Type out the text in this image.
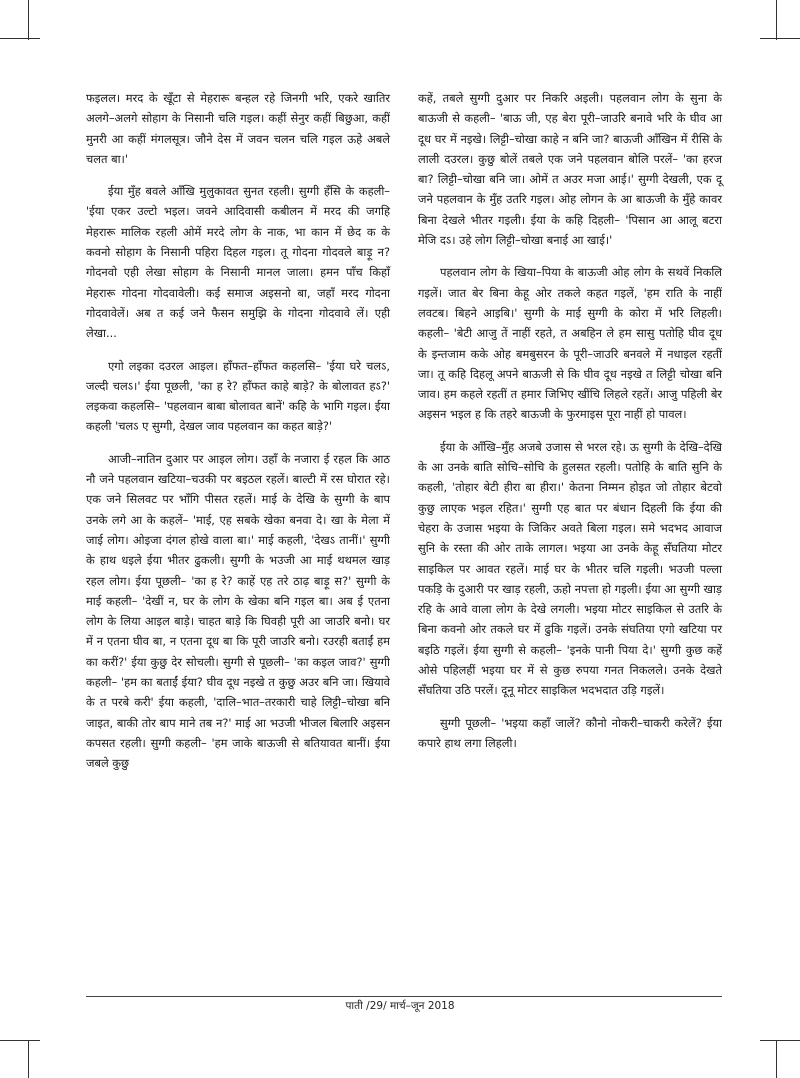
फइलल। मरद के खूँटा से मेहरारू बन्हल रहे जिनगी भरि, एकरे खातिर अलगे–अलगे सोहाग के निसानी चलि गइल। कहीं सेनुर कहीं बिछुआ, कहीं मुनरी आ कहीं मंगलसूत्र। जौने देस में जवन चलन चलि गइल ऊहे अबले चलत बा।'

ईया मुँह बवले आँखि मुलुकावत सुनत रहली। सुग्गी हँसि के कहली– 'ईया एकर उल्टो भइल। जवने आदिवासी कबीलन में मरद की जगहि मेहरारू मालिक रहली ओमें मरदे लोग के नाक, भा कान में छेद क के कवनो सोहाग के निसानी पहिरा दिहल गइल। तू गोदना गोदवले बाड़ू न? गोदनवो एही लेखा सोहाग के निसानी मानल जाला। हमन पाँच किहाँ मेहरारू गोदना गोदवावेली। कई समाज अइसनो बा, जहाँ मरद गोदना गोदवावेलें। अब त कई जने फैसन समुझि के गोदना गोदवावे लें। एही लेखा...

एगो लइका दउरल आइल। हाँफत–हाँफत कहलसि– 'ईया घरे चलऽ, जल्दी चलऽ।' ईया पूछली, 'का ह रे? हाँफत काहे बाड़े? के बोलावत हऽ?' लइकवा कहलसि– 'पहलवान बाबा बोलावत बानें' कहि के भागि गइल। ईया कहली 'चलऽ ए सुग्गी, देखल जाव पहलवान का कहत बाड़े?'

आजी–नातिन दुआर पर आइल लोग। उहाँ के नजारा ई रहल कि आठ नौ जने पहलवान खटिया–चउकी पर बइठल रहलें। बाल्टी में रस घोरात रहे। एक जने सिलवट पर भाँगि पीसत रहलें। माई के देखि के सुग्गी के बाप उनके लगे आ के कहलें– 'माई, एह सबके खेका बनवा दे। खा के मेला में जाई लोग। ओइजा दंगल होखे वाला बा।' माई कहली, 'देखऽ तानीं।' सुग्गी के हाथ धइले ईया भीतर ढुकली। सुग्गी के भउजी आ माई थथमल खाड़ रहल लोग। ईया पूछली– 'का ह रे? काहें एह तरे ठाढ़ बाड़ू स?' सुग्गी के माई कहली– 'देखीं न, घर के लोग के खेका बनि गइल बा। अब ई एतना लोग के लिया आइल बाड़े। चाहत बाड़े कि घिवही पूरी आ जाउरि बनो। घर में न एतना घीव बा, न एतना दूध बा कि पूरी जाउरि बनो। रउरही बताईं हम का करीं?' ईया कुछु देर सोचली। सुग्गी से पूछली– 'का कइल जाव?' सुग्गी कहली– 'हम का बताईं ईया? घीव दूध नइखे त कुछु अउर बनि जा। खियावे के त परबे करी' ईया कहली, 'दालि–भात–तरकारी चाहे लिट्टी–चोखा बनि जाइत, बाकी तोर बाप माने तब न?' माई आ भउजी भीजल बिलारि अइसन कपसत रहली। सुग्गी कहली– 'हम जाके बाऊजी से बतियावत बानीं। ईया जबले कुछु

कहें, तबले सुग्गी दुआर पर निकरि अइली। पहलवान लोग के सुना के बाऊजी से कहली– 'बाऊ जी, एह बेरा पूरी–जाउरि बनावे भरि के घीव आ दूध घर में नइखे। लिट्टी–चोखा काहे न बनि जा? बाऊजी आँखिन में रीसि के लाली दउरल। कुछु बोलें तबले एक जने पहलवान बोलि परलें– 'का हरज बा? लिट्टी–चोखा बनि जा। ओमें त अउर मजा आई।' सुग्गी देखली, एक दू जने पहलवान के मुँह उतरि गइल। ओह लोगन के आ बाऊजी के मुँहे कावर बिना देखले भीतर गइली। ईया के कहि दिहली– 'पिसान आ आलू बटरा मेजि दऽ। उहे लोग लिट्टी–चोखा बनाई आ खाई।'

पहलवान लोग के खिया–पिया के बाऊजी ओह लोग के सथवें निकलि गइलें। जात बेर बिना केहू ओर तकले कहत गइलें, 'हम राति के नाहीं लवटब। बिहने आइबि।' सुग्गी के माई सुग्गी के कोरा में भरि लिहली। कहली– 'बेटी आजु तें नाहीं रहते, त अबहिन ले हम सासु पतोहि घीव दूध के इन्तजाम कके ओह बमबुसरन के पूरी–जाउरि बनवले में नधाइल रहतीं जा। तू कहि दिहलू अपने बाऊजी से कि घीव दूध नइखे त लिट्टी चोखा बनि जाव। हम कहले रहतीं त हमार जिभिए खींचि लिहले रहतें। आजु पहिली बेर अइसन भइल ह कि तहरे बाऊजी के फुरमाइस पूरा नाहीं हो पावल।

ईया के आँखि–मुँह अजबे उजास से भरल रहे। ऊ सुग्गी के देखि–देखि के आ उनके बाति सोचि–सोचि के हुलसत रहली। पतोहि के बाति सुनि के कहली, 'तोहार बेटी हीरा बा हीरा।' केतना निम्मन होइत जो तोहार बेटवो कुछु लाएक भइल रहित।' सुग्गी एह बात पर बंधान दिहली कि ईया की चेहरा के उजास भइया के जिकिर अवते बिला गइल। समे भदभद आवाज सुनि के रस्ता की ओर ताके लागल। भइया आ उनके केहू सँघतिया मोटर साइकिल पर आवत रहलें। माई घर के भीतर चलि गइली। भउजी पल्ला पकड़ि के दुआरी पर खाड़ रहली, ऊहो नपत्ता हो गइली। ईया आ सुग्गी खाड़ रहि के आवे वाला लोग के देखे लगली। भइया मोटर साइकिल से उतरि के बिना कवनो ओर तकले घर में ढुकि गइलें। उनके संघतिया एगो खटिया पर बइठि गइलें। ईया सुग्गी से कहली– 'इनके पानी पिया दे।' सुग्गी कुछ कहें ओसे पहिलहीं भइया घर में से कुछ रुपया गनत निकलले। उनके देखते सँघतिया उठि परलें। दूनू मोटर साइकिल भदभदात उड़ि गइलें।

सुग्गी पूछली– 'भइया कहाँ जालें? कौनो नोकरी–चाकरी करेलें? ईया कपारे हाथ लगा लिहली।

पाती /29/ मार्च–जून 2018
